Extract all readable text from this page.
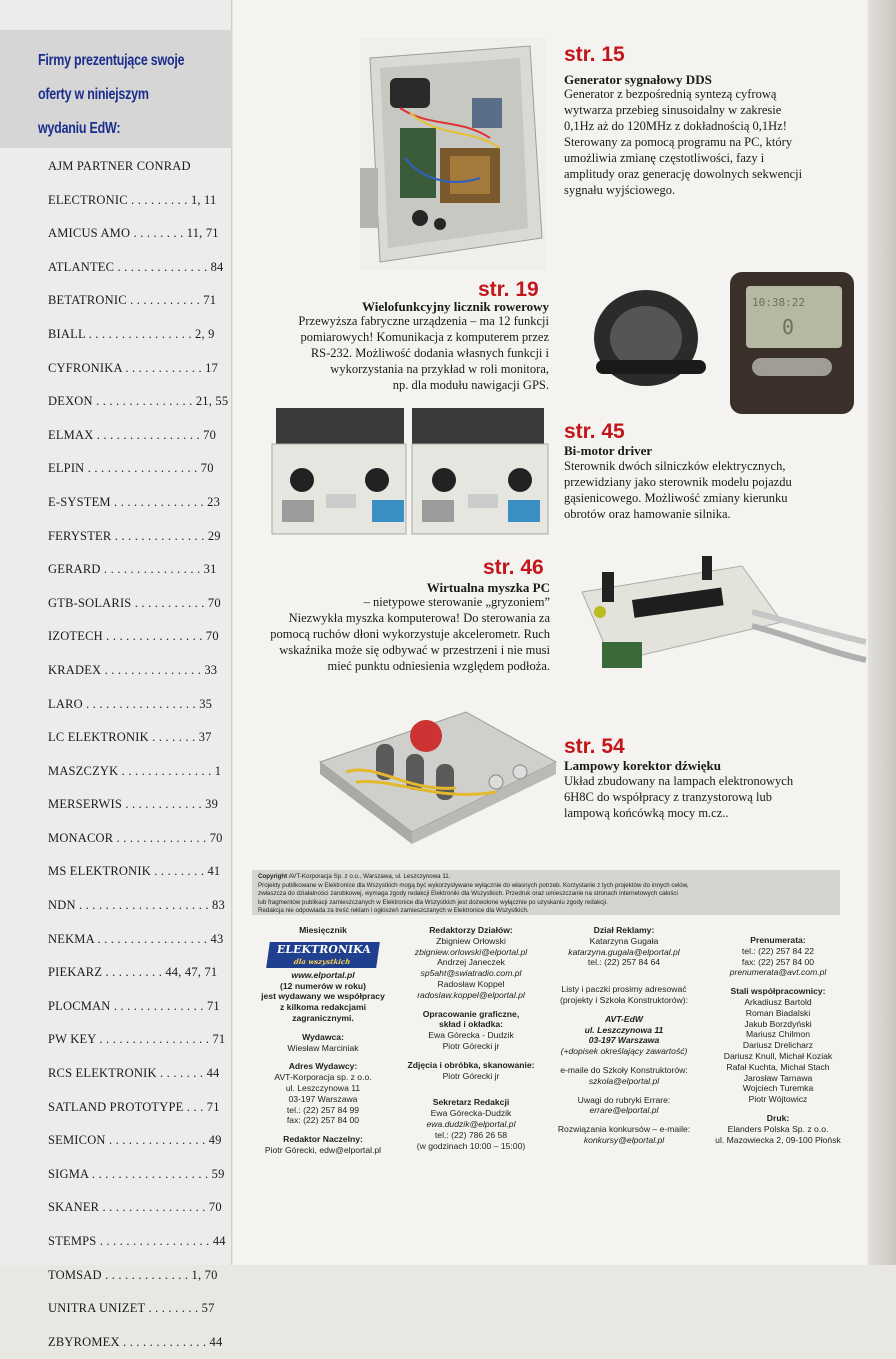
Firmy prezentujące swoje
oferty w niniejszym
wydaniu EdW:
AJM PARTNER CONRAD
ELECTRONIC . . . . . . . . . 1, 11
AMICUS AMO . . . . . . . . 11, 71
ATLANTEC . . . . . . . . . . . . . . 84
BETATRONIC . . . . . . . . . . . 71
BIALL . . . . . . . . . . . . . . . . 2, 9
CYFRONIKA . . . . . . . . . . . . 17
DEXON . . . . . . . . . . . . . . . 21, 55
ELMAX . . . . . . . . . . . . . . . . 70
ELPIN . . . . . . . . . . . . . . . . . 70
E-SYSTEM . . . . . . . . . . . . . . 23
FERYSTER . . . . . . . . . . . . . . 29
GERARD . . . . . . . . . . . . . . . 31
GTB-SOLARIS . . . . . . . . . . . 70
IZOTECH . . . . . . . . . . . . . . . 70
KRADEX . . . . . . . . . . . . . . . 33
LARO . . . . . . . . . . . . . . . . . 35
LC ELEKTRONIK . . . . . . . 37
MASZCZYK . . . . . . . . . . . . . . 1
MERSERWIS . . . . . . . . . . . . 39
MONACOR . . . . . . . . . . . . . . 70
MS ELEKTRONIK . . . . . . . . 41
NDN . . . . . . . . . . . . . . . . . . . . 83
NEKMA . . . . . . . . . . . . . . . . . 43
PIEKARZ . . . . . . . . . 44, 47, 71
PLOCMAN . . . . . . . . . . . . . . 71
PW KEY . . . . . . . . . . . . . . . . . 71
RCS ELEKTRONIK . . . . . . . 44
SATLAND PROTOTYPE . . . 71
SEMICON . . . . . . . . . . . . . . . 49
SIGMA . . . . . . . . . . . . . . . . . . 59
SKANER . . . . . . . . . . . . . . . . 70
STEMPS . . . . . . . . . . . . . . . . . 44
TOMSAD . . . . . . . . . . . . . 1, 70
UNITRA UNIZET . . . . . . . . 57
ZBYROMEX . . . . . . . . . . . . . 44
str. 15
Generator sygnałowy DDS
Generator z bezpośrednią syntezą cyfrową
wytwarza przebieg sinusoidalny w zakresie
0,1Hz aż do 120MHz z dokładnością 0,1Hz!
Sterowany za pomocą programu na PC, który
umożliwia zmianę częstotliwości, fazy i
amplitudy oraz generację dowolnych sekwencji
sygnału wyjściowego.
str. 19
Wielofunkcyjny licznik rowerowy
Przewyższa fabryczne urządzenia – ma 12 funkcji
pomiarowych! Komunikacja z komputerem przez
RS-232. Możliwość dodania własnych funkcji i
wykorzystania na przykład w roli monitora,
np. dla modułu nawigacji GPS.
10:38:22
0
str. 45
Bi-motor driver
Sterownik dwóch silniczków elektrycznych,
przewidziany jako sterownik modelu pojazdu
gąsienicowego. Możliwość zmiany kierunku
obrotów oraz hamowanie silnika.
str. 46
Wirtualna myszka PC
– nietypowe sterowanie „gryzoniem”
Niezwykła myszka komputerowa! Do sterowania za
pomocą ruchów dłoni wykorzystuje akcelerometr. Ruch
wskaźnika może się odbywać w przestrzeni i nie musi
mieć punktu odniesienia względem podłoża.
str. 54
Lampowy korektor dźwięku
Układ zbudowany na lampach elektronowych
6H8C do współpracy z tranzystorową lub
lampową końcówką mocy m.cz..
Copyright AVT-Korporacja Sp. z o.o., Warszawa, ul. Leszczynowa 11.
Projekty publikowane w Elektronice dla Wszystkich mogą być wykorzystywane wyłącznie do własnych potrzeb. Korzystanie z tych projektów do innych celów,
zwłaszcza do działalności zarobkowej, wymaga zgody redakcji Elektroniki dla Wszystkich. Przedruk oraz umieszczanie na stronach internetowych całości
lub fragmentów publikacji zamieszczanych w Elektronice dla Wszystkich jest dozwolone wyłącznie po uzyskaniu zgody redakcji.
Redakcja nie odpowiada za treść reklam i ogłoszeń zamieszczanych w Elektronice dla Wszystkich.
Miesięcznik
ELEKTRONIKA
dla wszystkich
www.elportal.pl
(12 numerów w roku)
jest wydawany we współpracy
z kilkoma redakcjami
zagranicznymi.
Wydawca:
Wiesław Marciniak
Adres Wydawcy:
AVT-Korporacja sp. z o.o.
ul. Leszczynowa 11
03-197 Warszawa
tel.: (22) 257 84 99
fax: (22) 257 84 00
Redaktor Naczelny:
Piotr Górecki, edw@elportal.pl
Redaktorzy Działów:
Zbigniew Orłowski
zbigniew.orlowski@elportal.pl
Andrzej Janeczek
sp5aht@swiatradio.com.pl
Radosław Koppel
radoslaw.koppel@elportal.pl
Opracowanie graficzne,
skład i okładka:
Ewa Górecka - Dudzik
Piotr Górecki jr
Zdjęcia i obróbka, skanowanie:
Piotr Górecki jr
Sekretarz Redakcji
Ewa Górecka-Dudzik
ewa.dudzik@elportal.pl
tel.: (22) 786 26 58
(w godzinach 10:00 – 15:00)
Dział Reklamy:
Katarzyna Gugała
katarzyna.gugala@elportal.pl
tel.: (22) 257 84 64
Listy i paczki prosimy adresować
(projekty i Szkoła Konstruktorów):
AVT-EdW
ul. Leszczynowa 11
03-197 Warszawa
(+dopisek określający zawartość)
e-maile do Szkoły Konstruktorów:
szkola@elportal.pl
Uwagi do rubryki Errare:
errare@elportal.pl
Rozwiązania konkursów – e-maile:
konkursy@elportal.pl
Prenumerata:
tel.: (22) 257 84 22
fax: (22) 257 84 00
prenumerata@avt.com.pl
Stali współpracownicy:
Arkadiusz Bartold
Roman Biadalski
Jakub Borzdyński
Mariusz Chilmon
Dariusz Drelicharz
Dariusz Knull, Michał Koziak
Rafał Kuchta, Michał Stach
Jarosław Tarnawa
Wojciech Turemka
Piotr Wójtowicz
Druk:
Elanders Polska Sp. z o.o.
ul. Mazowiecka 2, 09-100 Płońsk
